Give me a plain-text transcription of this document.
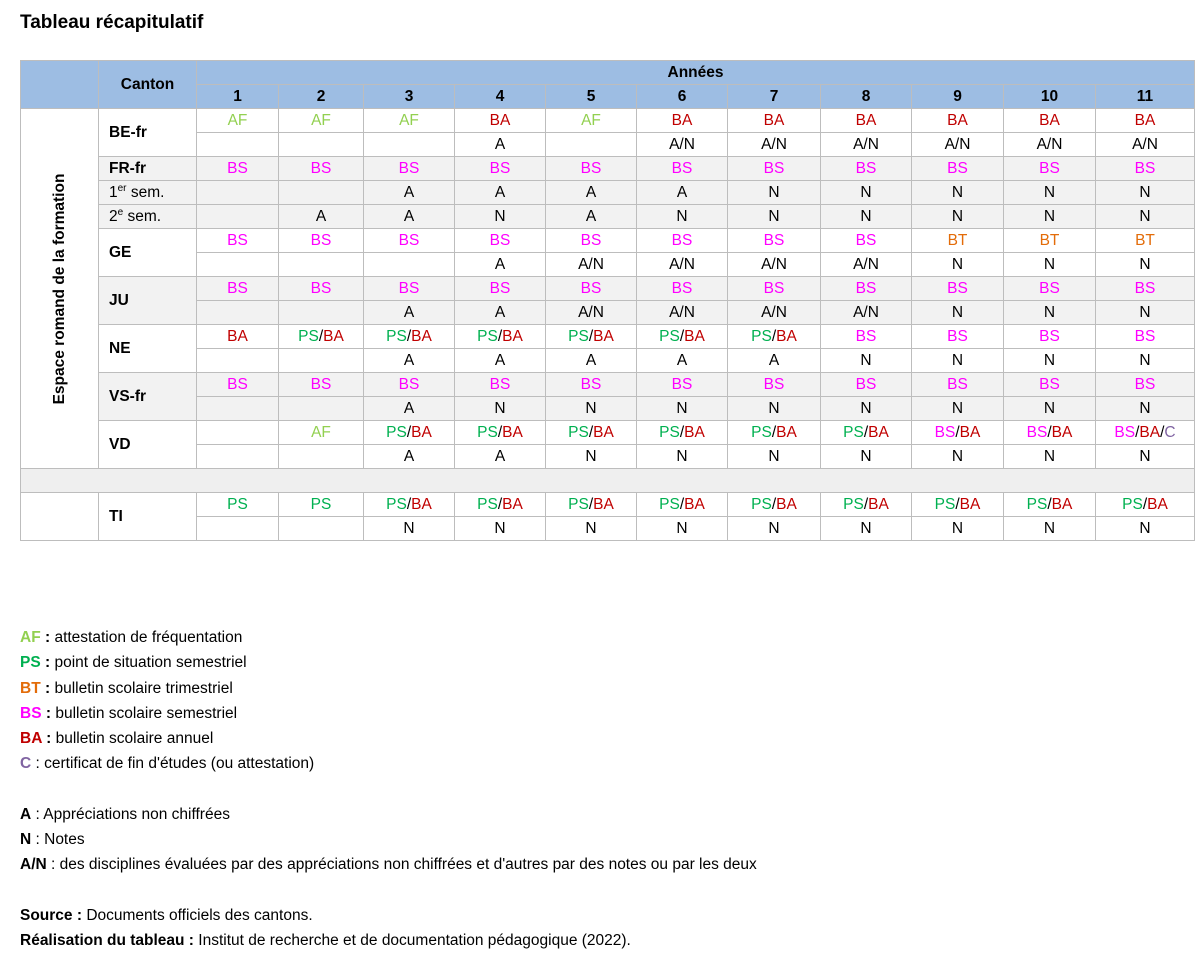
Tableau récapitulatif
	Canton	Années										
		1	2	3	4	5	6	7	8	9	10	11

Espace romand de la formation	BE-fr	AF	AF	AF	BA	AF	BA	BA	BA	BA	BA	BA
					A		A/N	A/N	A/N	A/N	A/N	A/N
	FR-fr	BS	BS	BS	BS	BS	BS	BS	BS	BS	BS	BS
	1er sem.			A	A	A	A	N	N	N	N	N
	2e sem.		A	A	N	A	N	N	N	N	N	N
	GE	BS	BS	BS	BS	BS	BS	BS	BS	BT	BT	BT
					A	A/N	A/N	A/N	A/N	N	N	N
	JU	BS	BS	BS	BS	BS	BS	BS	BS	BS	BS	BS
				A	A	A/N	A/N	A/N	A/N	N	N	N
	NE	BA	PS/BA	PS/BA	PS/BA	PS/BA	PS/BA	PS/BA	BS	BS	BS	BS
				A	A	A	A	A	N	N	N	N
	VS-fr	BS	BS	BS	BS	BS	BS	BS	BS	BS	BS	BS
				A	N	N	N	N	N	N	N	N
	VD		AF	PS/BA	PS/BA	PS/BA	PS/BA	PS/BA	PS/BA	BS/BA	BS/BA	BS/BA/C
				A	A	N	N	N	N	N	N	N

	TI	PS	PS	PS/BA	PS/BA	PS/BA	PS/BA	PS/BA	PS/BA	PS/BA	PS/BA	PS/BA
				N	N	N	N	N	N	N	N	N
AF : attestation de fréquentation
PS : point de situation semestriel
BT : bulletin scolaire trimestriel
BS : bulletin scolaire semestriel
BA : bulletin scolaire annuel
C : certificat de fin d'études (ou attestation)
A : Appréciations non chiffrées
N : Notes
A/N : des disciplines évaluées par des appréciations non chiffrées et d'autres par des notes ou par les deux
Source : Documents officiels des cantons.
Réalisation du tableau : Institut de recherche et de documentation pédagogique (2022).
